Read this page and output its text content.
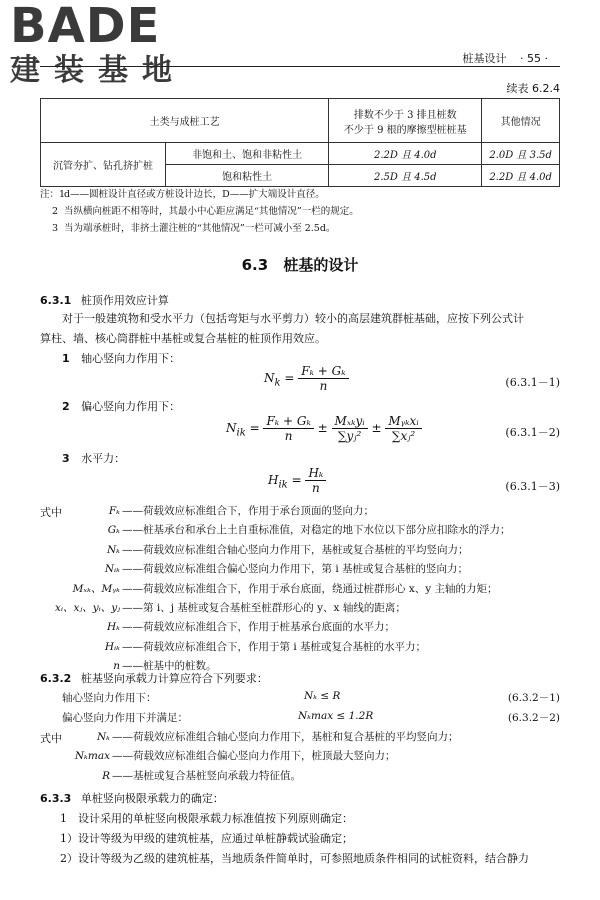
BADE
建装基地	桩基设计 · 55 ·
续表 6.2.4
土类与成桩工艺		排数不少于 3 排且桩数
不少于 9 根的摩擦型桩桩基	其他情况
沉管夯扩、钻孔挤扩桩	非饱和土、饱和非粘性土	2.2D 且 4.0d	2.0D 且 3.5d
	饱和粘性土	2.5D 且 4.5d	2.2D 且 4.0d
注：1
d——圆桩设计直径或方桩设计边长，D——扩大端设计直径。
2 当纵横向桩距不相等时，其最小中心距应满足“其他情况”一栏的规定。
3 当为端承桩时，非挤土灌注桩的“其他情况”一栏可减小至 2.5d。
6.3 桩基的设计
6.3.1 桩顶作用效应计算
对于一般建筑物和受水平力（包括弯矩与水平剪力）较小的高层建筑群桩基础，应按下列公式计
算柱、墙、核心筒群桩中基桩或复合基桩的桩顶作用效应。
1 轴心竖向力作用下：
$N_k = \frac{\text{Fₖ + Gₖ}}{n}$	(6.3.1－1)
2 偏心竖向力作用下：
$N_{ik} = \frac{\text{Fₖ + Gₖ}}{n} \pm \frac{\text{Mₓₖyᵢ}}{\text{∑yⱼ²}} \pm \frac{\text{Mᵧₖxᵢ}}{\text{∑xⱼ²}}$	(6.3.1－2)
3 水平力：
$H_{ik} = \frac{\text{Hₖ}}{n}$	(6.3.1－3)
式中	Fₖ ——荷载效应标准组合下，作用于承台顶面的竖向力；
Gₖ ——桩基承台和承台上土自重标准值，对稳定的地下水位以下部分应扣除水的浮力；
Nₖ ——荷载效应标准组合轴心竖向力作用下，基桩或复合基桩的平均竖向力；
Nᵢₖ ——荷载效应标准组合偏心竖向力作用下，第 i 基桩或复合基桩的竖向力；
Mₓₖ、Mᵧₖ ——荷载效应标准组合下，作用于承台底面，绕通过桩群形心 x、y 主轴的力矩；
xᵢ、xⱼ、yᵢ、yⱼ ——第 i、j 基桩或复合基桩至桩群形心的 y、x 轴线的距离；
Hₖ ——荷载效应标准组合下，作用于桩基承台底面的水平力；
Hᵢₖ ——荷载效应标准组合下，作用于第 i 基桩或复合基桩的水平力；
n ——桩基中的桩数。
6.3.2 桩基竖向承载力计算应符合下列要求：
轴心竖向力作用下：	Nₖ ≤ R	(6.3.2－1)
偏心竖向力作用下并满足：	Nₖmax ≤ 1.2R	(6.3.2－2)
式中	Nₖ ——荷载效应标准组合轴心竖向力作用下，基桩和复合基桩的平均竖向力；
Nₖmax ——荷载效应标准组合偏心竖向力作用下，桩顶最大竖向力；
R ——基桩或复合基桩竖向承载力特征值。
6.3.3 单桩竖向极限承载力的确定：
1　设计采用的单桩竖向极限承载力标准值按下列原则确定：
1）设计等级为甲级的建筑桩基，应通过单桩静载试验确定；
2）设计等级为乙级的建筑桩基，当地质条件简单时，可参照地质条件相同的试桩资料，结合静力
